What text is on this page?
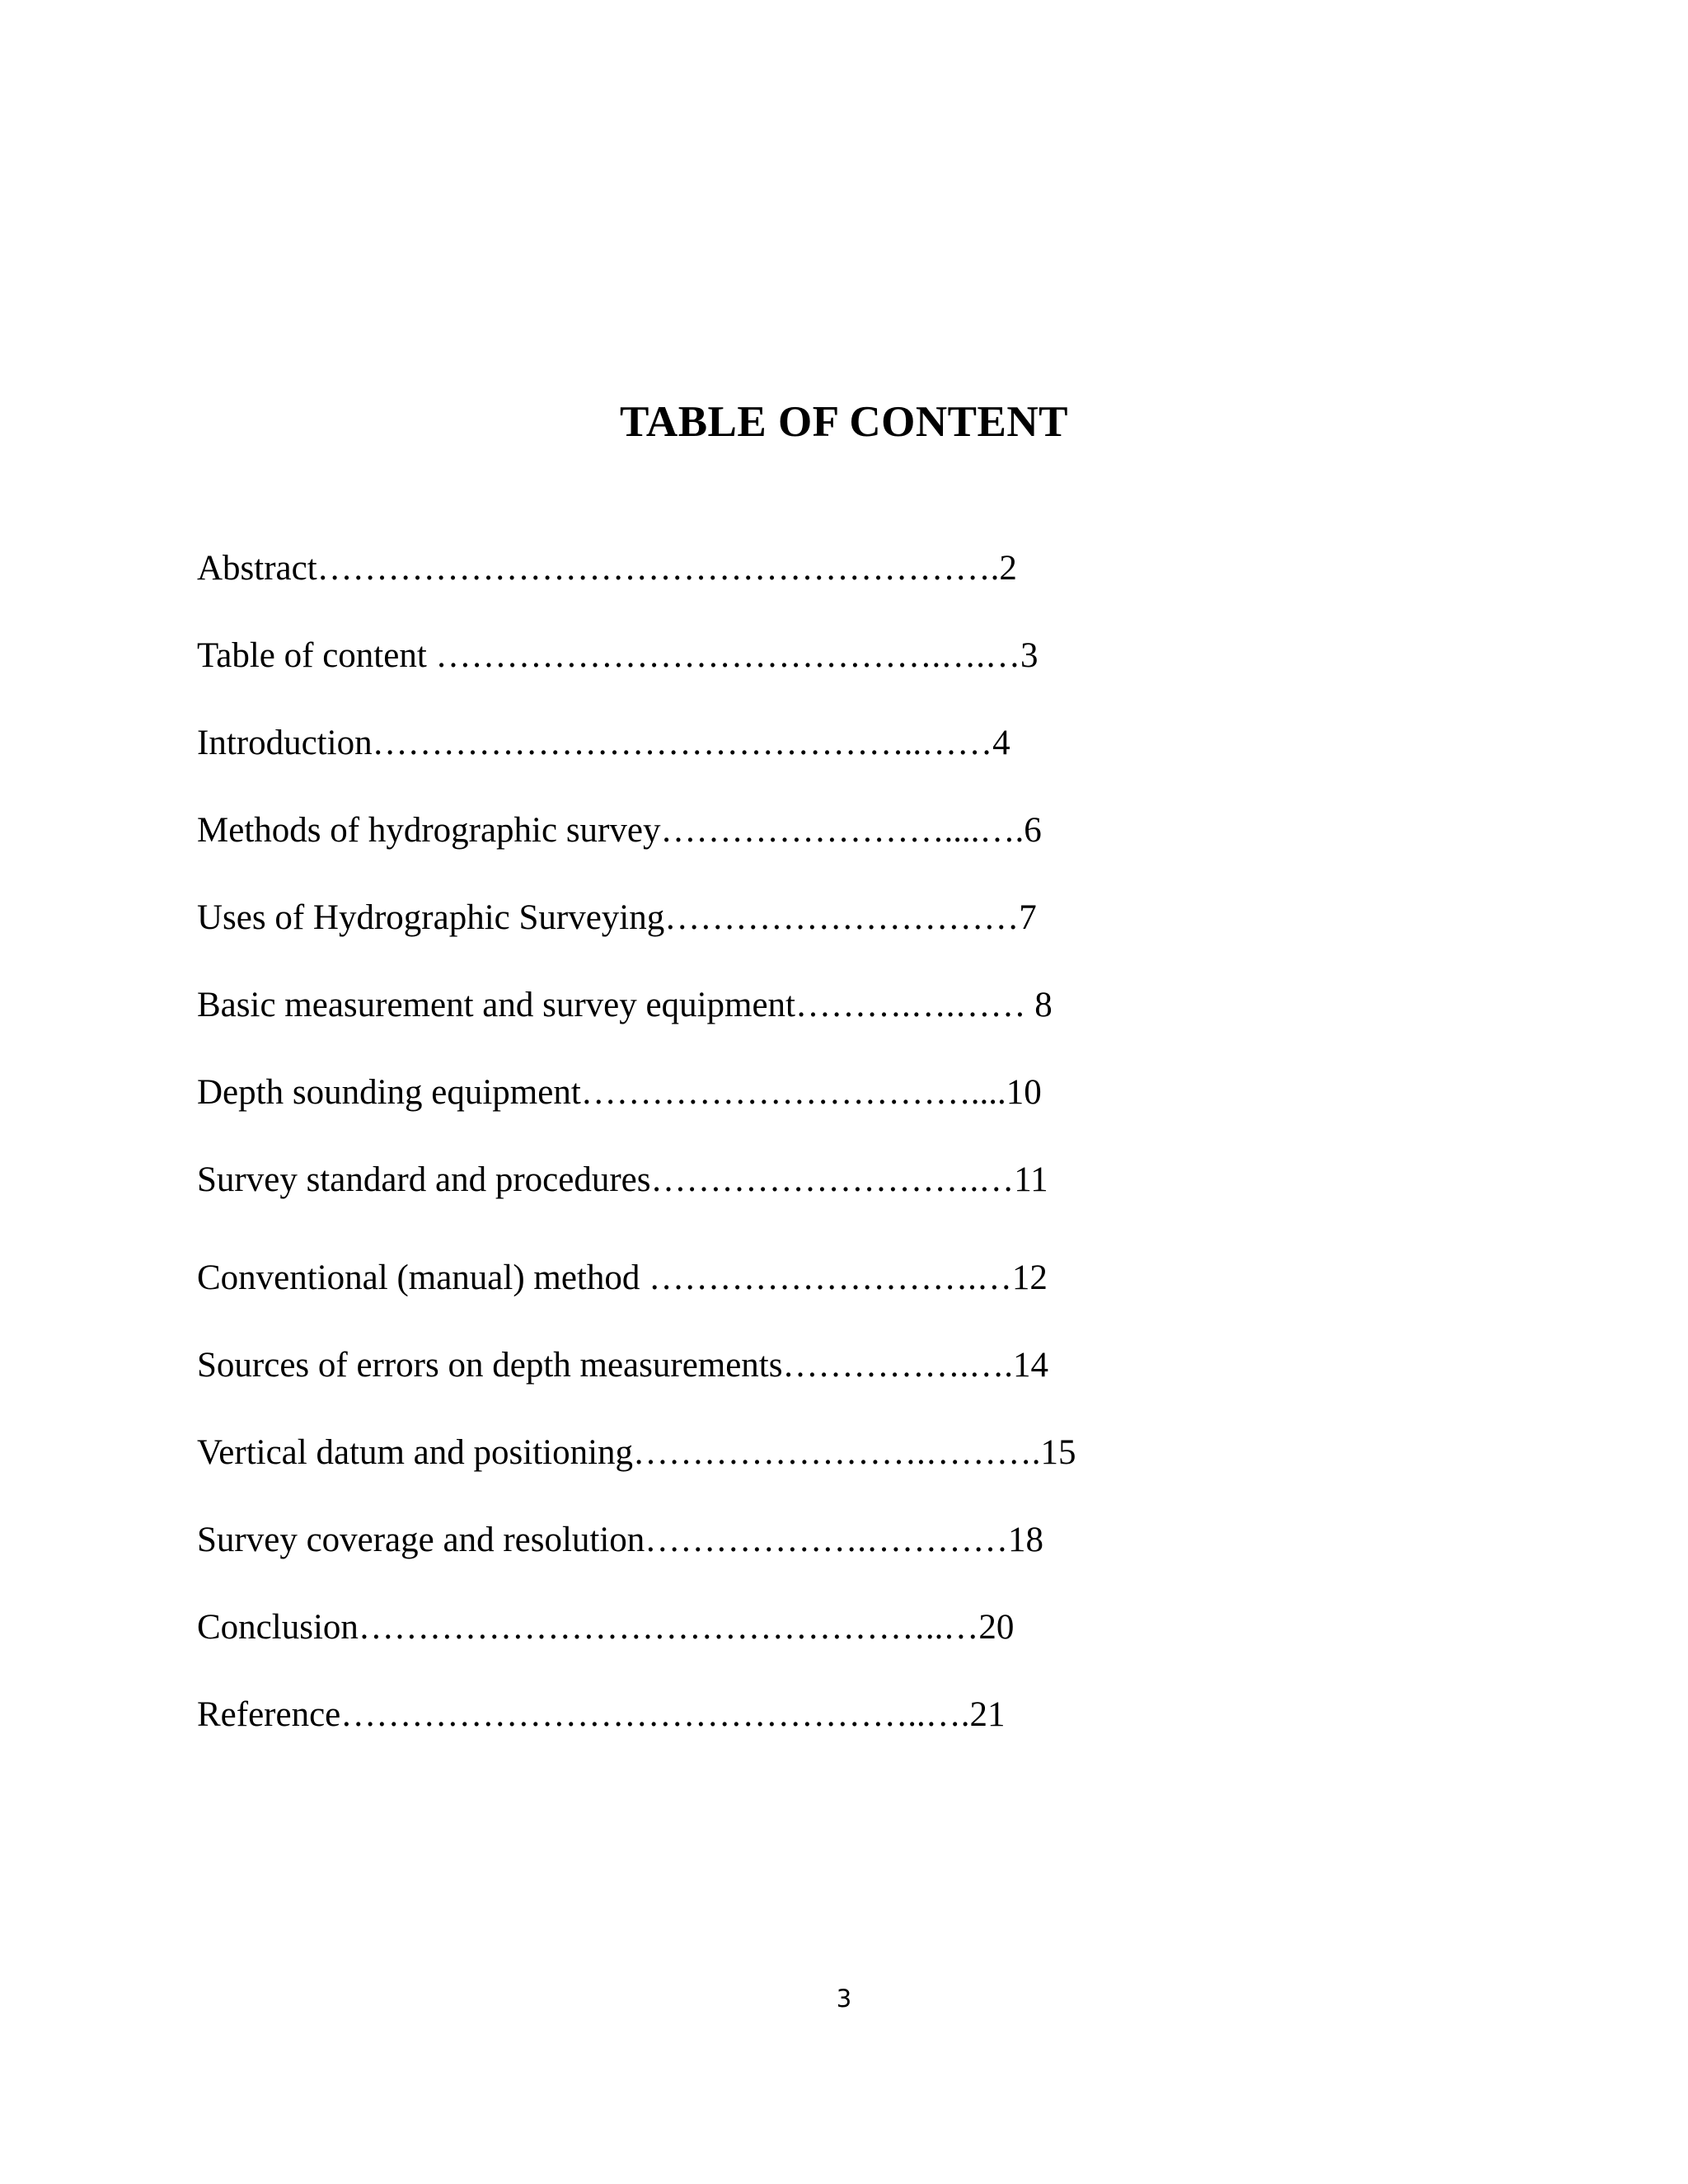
TABLE OF CONTENT
Abstract………………………………………………….2
Table of content …………………………………….….…3
Introduction………………………………………..……4
Methods of hydrographic survey……………………....….6
Uses of Hydrographic Surveying…………………………7
Basic measurement and survey equipment……….….…… 8
Depth sounding equipment……………………………....10
Survey standard and procedures……………………….…11
Conventional (manual) method ……………………….…12
Sources of errors on depth measurements…………….….14
Vertical datum and positioning…………………….……….15
Survey coverage and resolution……………….…………18
Conclusion…………………………………………..…20
Reference…………………………………………..….21
3
